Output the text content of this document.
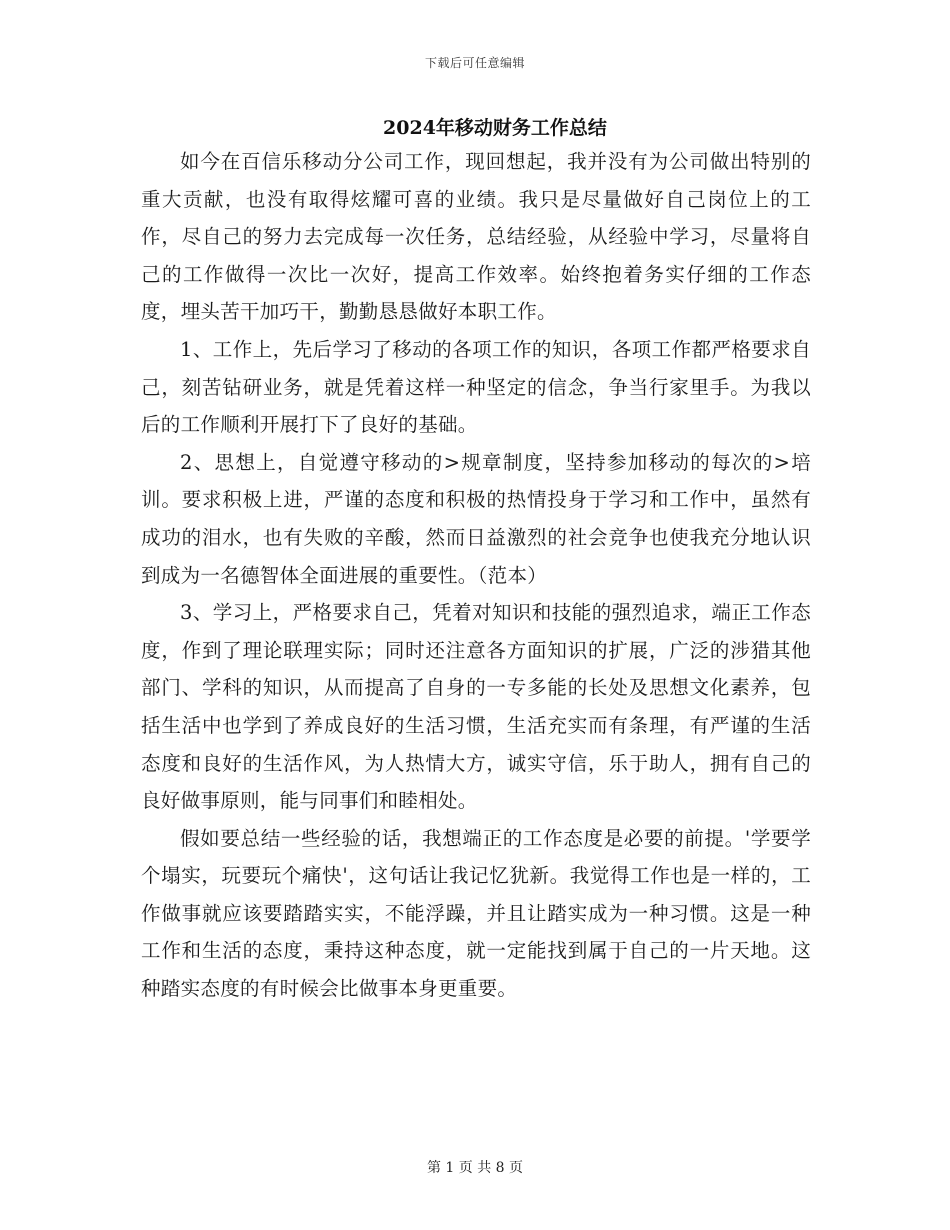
下载后可任意编辑
2024年移动财务工作总结

如今在百信乐移动分公司工作，现回想起，我并没有为公司做出特别的重大贡献，也没有取得炫耀可喜的业绩。我只是尽量做好自己岗位上的工作，尽自己的努力去完成每一次任务，总结经验，从经验中学习，尽量将自己的工作做得一次比一次好，提高工作效率。始终抱着务实仔细的工作态度，埋头苦干加巧干，勤勤恳恳做好本职工作。

1、工作上，先后学习了移动的各项工作的知识，各项工作都严格要求自己，刻苦钻研业务，就是凭着这样一种坚定的信念，争当行家里手。为我以后的工作顺利开展打下了良好的基础。

2、思想上，自觉遵守移动的>规章制度，坚持参加移动的每次的>培训。要求积极上进，严谨的态度和积极的热情投身于学习和工作中，虽然有成功的泪水，也有失败的辛酸，然而日益激烈的社会竞争也使我充分地认识到成为一名德智体全面进展的重要性。（范本）

3、学习上，严格要求自己，凭着对知识和技能的强烈追求，端正工作态度，作到了理论联理实际；同时还注意各方面知识的扩展，广泛的涉猎其他部门、学科的知识，从而提高了自身的一专多能的长处及思想文化素养，包括生活中也学到了养成良好的生活习惯，生活充实而有条理，有严谨的生活态度和良好的生活作风，为人热情大方，诚实守信，乐于助人，拥有自己的良好做事原则，能与同事们和睦相处。

假如要总结一些经验的话，我想端正的工作态度是必要的前提。'学要学个塌实，玩要玩个痛快'，这句话让我记忆犹新。我觉得工作也是一样的，工作做事就应该要踏踏实实，不能浮躁，并且让踏实成为一种习惯。这是一种工作和生活的态度，秉持这种态度，就一定能找到属于自己的一片天地。这种踏实态度的有时候会比做事本身更重要。

第 1 页 共 8 页
